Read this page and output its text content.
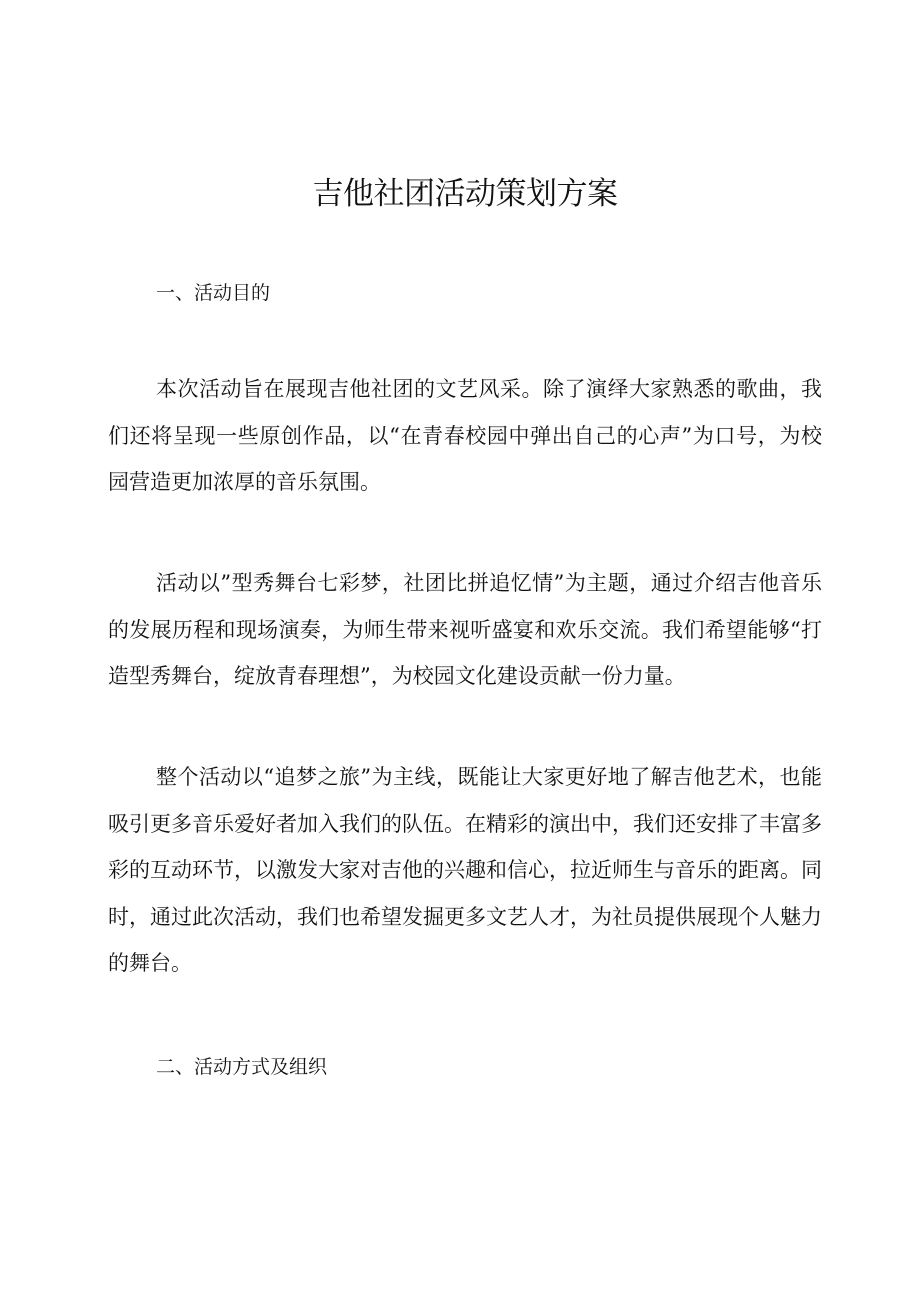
吉他社团活动策划方案
一、活动目的

本次活动旨在展现吉他社团的文艺风采。除了演绎大家熟悉的歌曲，我们还将呈现一些原创作品，以“在青春校园中弹出自己的心声”为口号，为校园营造更加浓厚的音乐氛围。

活动以”型秀舞台七彩梦，社团比拼追忆情”为主题，通过介绍吉他音乐的发展历程和现场演奏，为师生带来视听盛宴和欢乐交流。我们希望能够“打造型秀舞台，绽放青春理想”，为校园文化建设贡献一份力量。

整个活动以“追梦之旅”为主线，既能让大家更好地了解吉他艺术，也能吸引更多音乐爱好者加入我们的队伍。在精彩的演出中，我们还安排了丰富多彩的互动环节，以激发大家对吉他的兴趣和信心，拉近师生与音乐的距离。同时，通过此次活动，我们也希望发掘更多文艺人才，为社员提供展现个人魅力的舞台。

二、活动方式及组织
